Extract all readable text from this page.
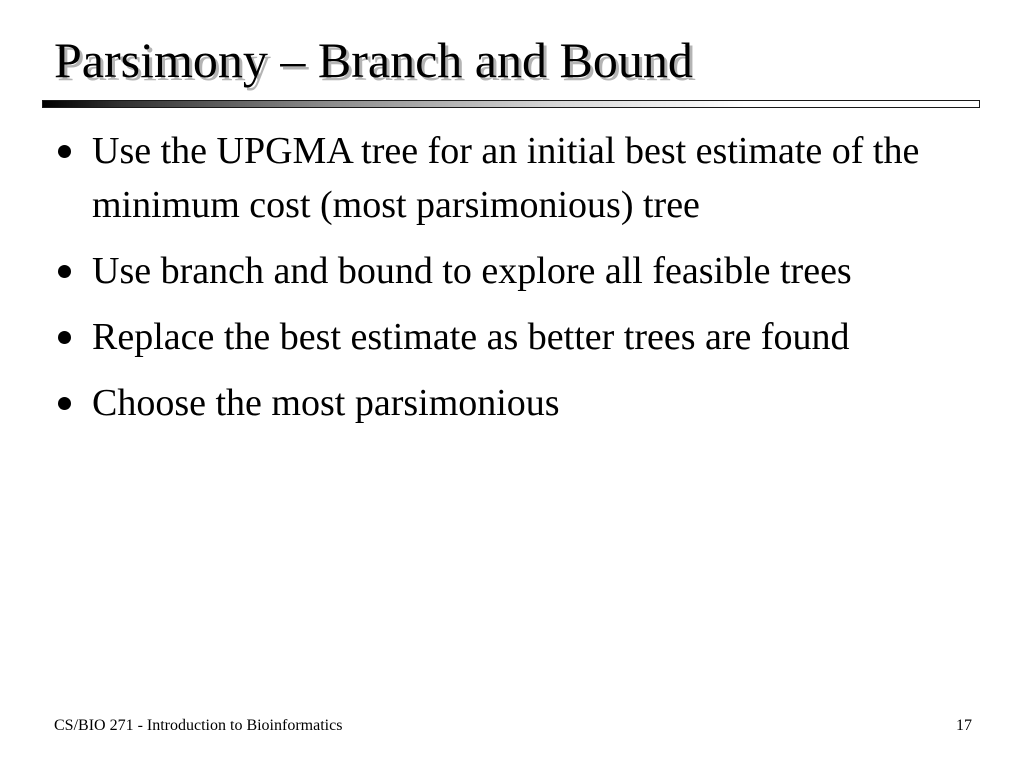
Parsimony – Branch and Bound
Use the UPGMA tree for an initial best estimate of the minimum cost (most parsimonious) tree
Use branch and bound to explore all feasible trees
Replace the best estimate as better trees are found
Choose the most parsimonious
CS/BIO 271 - Introduction to Bioinformatics	17
